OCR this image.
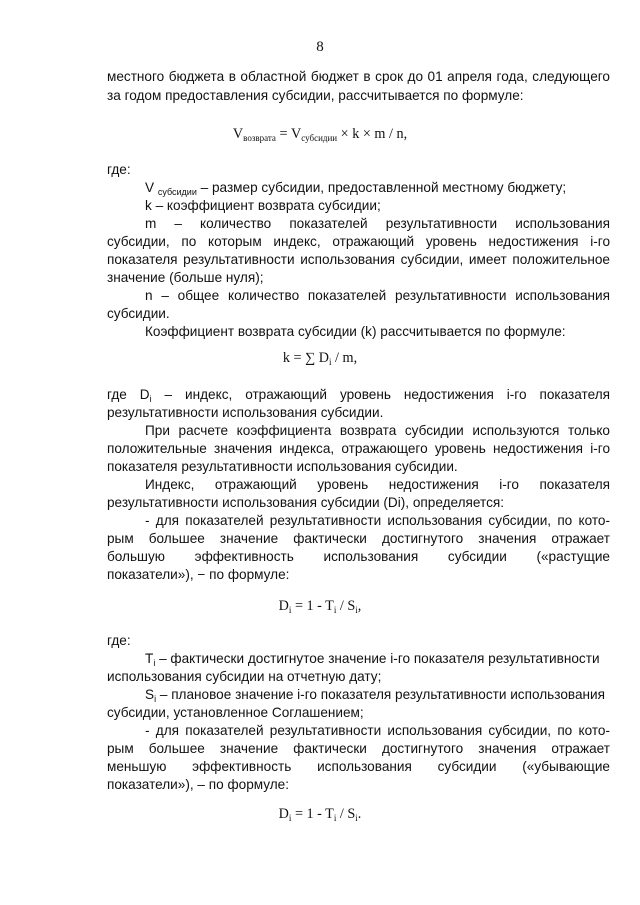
8
местного бюджета в областной бюджет в срок до 01 апреля года, следующего
за годом предоставления субсидии, рассчитывается по формуле:
$V_{возврата} = V_{субсидии} \times k \times m / n$,
где:
V $_{субсидии}$ – размер субсидии, предоставленной местному бюджету;
k – коэффициент возврата субсидии;
m – количество показателей результативности использования
субсидии, по которым индекс, отражающий уровень недостижения i-го
показателя результативности использования субсидии, имеет положительное
значение (больше нуля);
n – общее количество показателей результативности использования
субсидии.
Коэффициент возврата субсидии (k) рассчитывается по формуле:
k = ∑ $D_i$ / m,
где $D_i$ – индекс, отражающий уровень недостижения i-го показателя
результативности использования субсидии.
При расчете коэффициента возврата субсидии используются только
положительные значения индекса, отражающего уровень недостижения i-го
показателя результативности использования субсидии.
Индекс, отражающий уровень недостижения i-го показателя
результативности использования субсидии (Di), определяется:
- для показателей результативности использования субсидии, по кото-
рым большее значение фактически достигнутого значения отражает
большую эффективность использования субсидии («растущие
показатели»), − по формуле:
$D_i = 1 - T_i / S_i$,
где:
$T_i$ – фактически достигнутое значение i-го показателя результативности
использования субсидии на отчетную дату;
$S_i$ – плановое значение i-го показателя результативности использования
субсидии, установленное Соглашением;
- для показателей результативности использования субсидии, по кото-
рым большее значение фактически достигнутого значения отражает
меньшую эффективность использования субсидии («убывающие
показатели»), – по формуле:
$D_i = 1 - T_i / S_i$.
